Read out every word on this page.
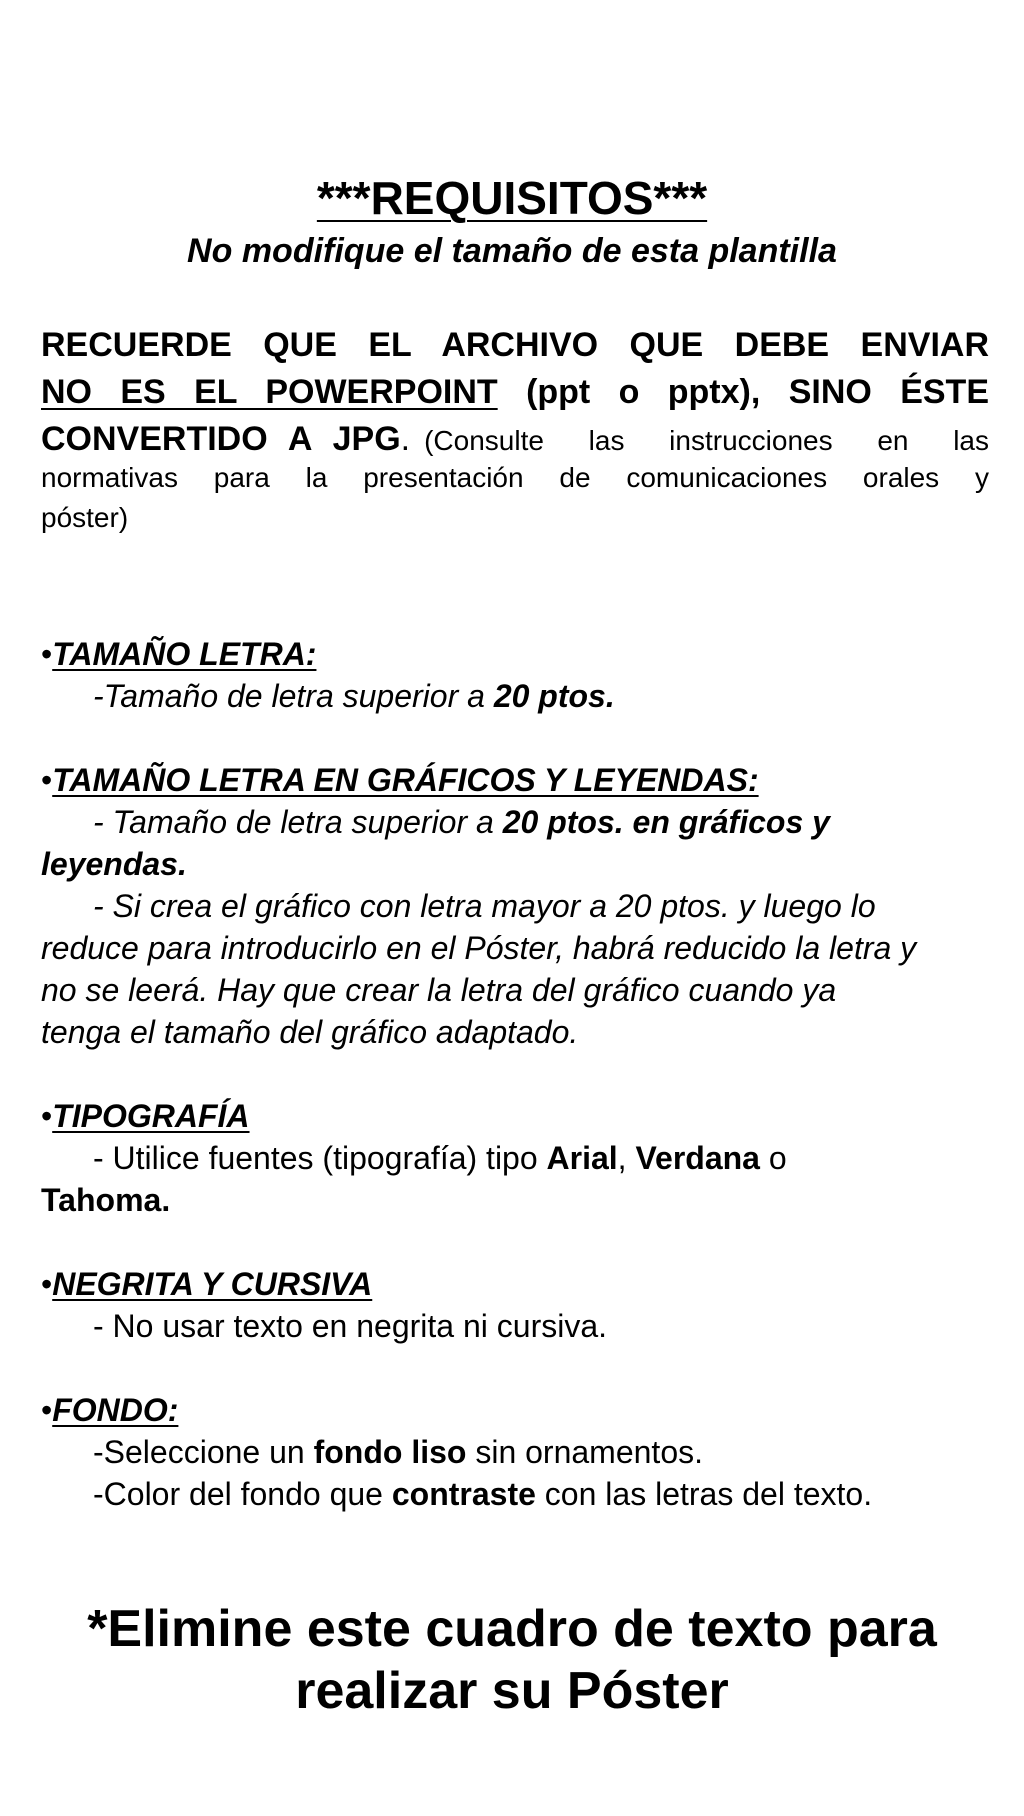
***REQUISITOS***
No modifique el tamaño de esta plantilla
RECUERDE QUE EL ARCHIVO QUE DEBE ENVIAR
NO ES EL POWERPOINT (ppt o pptx), SINO ÉSTE
CONVERTIDO A JPG. (Consulte las instrucciones en las
normativas para la presentación de comunicaciones orales y
póster)
•TAMAÑO LETRA:
-Tamaño de letra superior a 20 ptos.
•TAMAÑO LETRA EN GRÁFICOS Y LEYENDAS:
- Tamaño de letra superior a 20 ptos. en gráficos y
leyendas.
- Si crea el gráfico con letra mayor a 20 ptos. y luego lo
reduce para introducirlo en el Póster, habrá reducido la letra y
no se leerá. Hay que crear la letra del gráfico cuando ya
tenga el tamaño del gráfico adaptado.
•TIPOGRAFÍA
- Utilice fuentes (tipografía) tipo Arial, Verdana o
Tahoma.
•NEGRITA Y CURSIVA
- No usar texto en negrita ni cursiva.
•FONDO:
-Seleccione un fondo liso sin ornamentos.
-Color del fondo que contraste con las letras del texto.
*Elimine este cuadro de texto para
realizar su Póster
